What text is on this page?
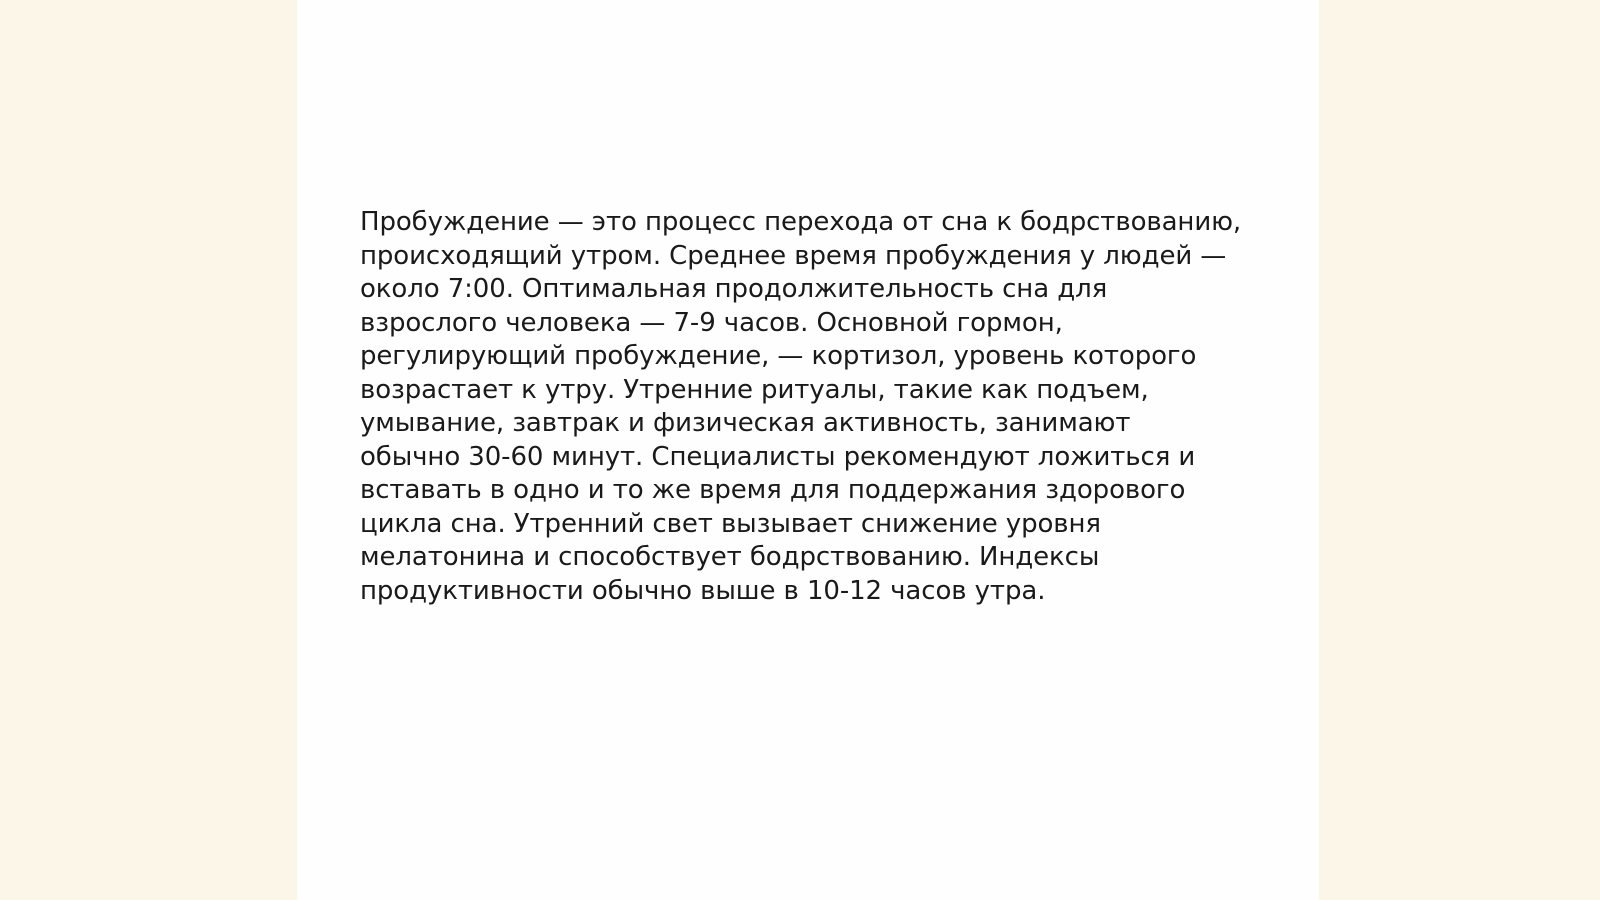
Пробуждение — это процесс перехода от сна к бодрствованию,
происходящий утром. Среднее время пробуждения у людей —
около 7:00. Оптимальная продолжительность сна для
взрослого человека — 7-9 часов. Основной гормон,
регулирующий пробуждение, — кортизол, уровень которого
возрастает к утру. Утренние ритуалы, такие как подъем,
умывание, завтрак и физическая активность, занимают
обычно 30-60 минут. Специалисты рекомендуют ложиться и
вставать в одно и то же время для поддержания здорового
цикла сна. Утренний свет вызывает снижение уровня
мелатонина и способствует бодрствованию. Индексы
продуктивности обычно выше в 10-12 часов утра.
